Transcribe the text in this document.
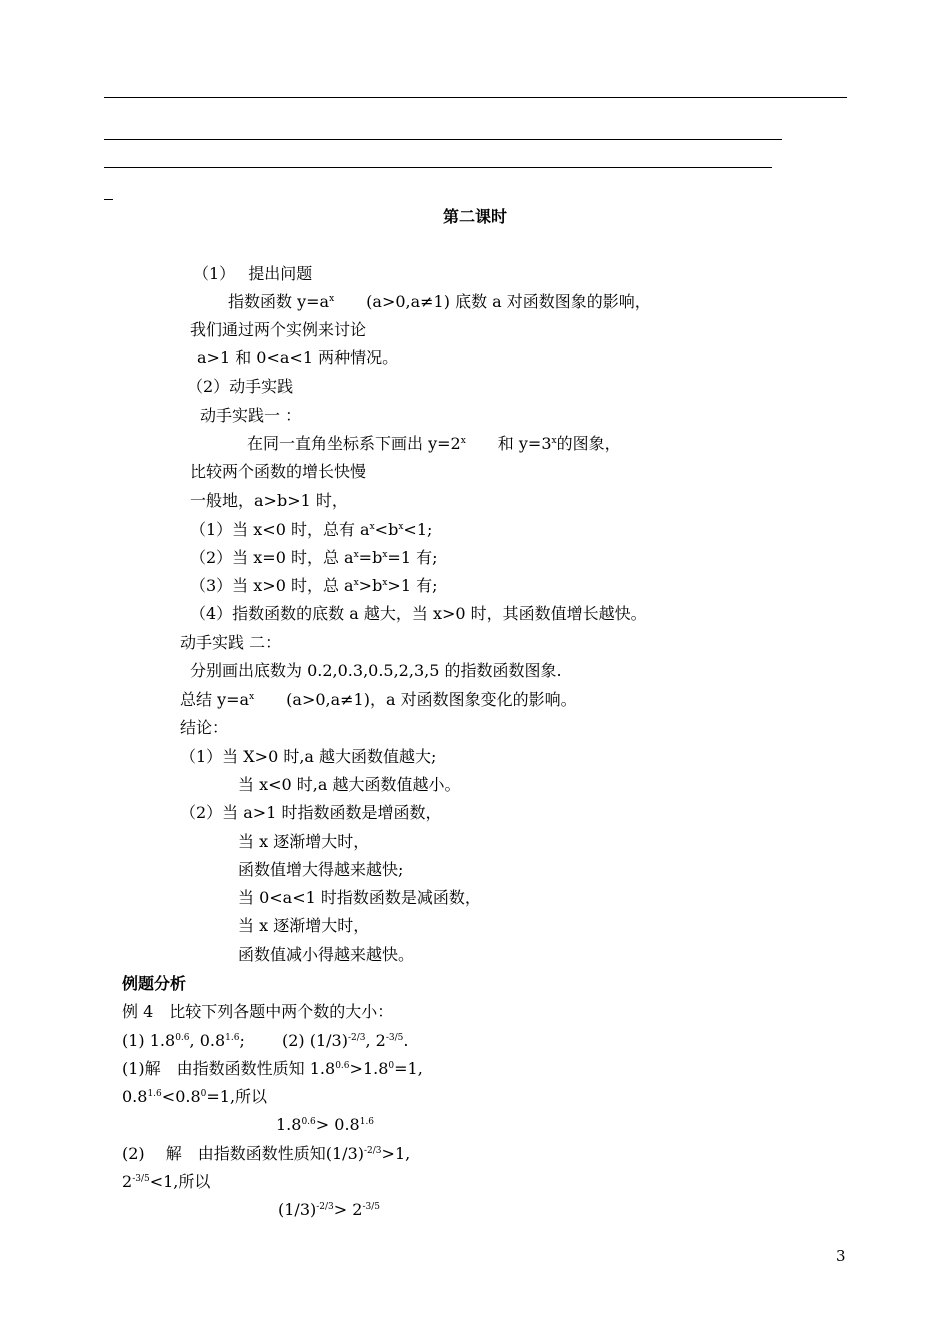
第二课时
（1）　 提出问题
指数函数 $y=a^x$　　(a>0,a≠1) 底数 a 对函数图象的影响，
我们通过两个实例来讨论
a>1 和 0<a<1 两种情况。
（2）动手实践
动手实践一 ：
在同一直角坐标系下画出 $y=2^x$　　和 $y=3^x$的图象，
比较两个函数的增长快慢
一般地，a>b>1 时，
（1）当 x<0 时，总有 $a^x<b^x<1$;
（2）当 x=0 时，总 $a^x=b^x=1$ 有;
（3）当 x>0 时，总 $a^x>b^x>1$ 有;
（4）指数函数的底数 a 越大，当 x>0 时，其函数值增长越快。
动手实践 二：
分别画出底数为 0.2,0.3,0.5,2,3,5 的指数函数图象.
总结 $y=a^x$　　(a>0,a≠1)，a 对函数图象变化的影响。
结论：
（1）当 X>0 时,a 越大函数值越大;
当 x<0 时,a 越大函数值越小。
（2）当 a>1 时指数函数是增函数，
当 x 逐渐增大时，
函数值增大得越来越快;
当 0<a<1 时指数函数是减函数，
当 x 逐渐增大时，
函数值减小得越来越快。
例题分析
例 4　比较下列各题中两个数的大小：
(1) $1.8^{0.6}$, $0.8^{1.6}$;　　 (2) $(1/3)^{-2/3}$, $2^{-3/5}$.
(1)解　由指数函数性质知 $1.8^{0.6}>1.8^0=1$,
$0.8^{1.6}<0.8^0=1$,所以
$1.8^{0.6}> 0.8^{1.6}$
(2)　 解　由指数函数性质知$(1/3)^{-2/3}>1$,
$2^{-3/5}<1$,所以
$(1/3)^{-2/3}> 2^{-3/5}$
3
